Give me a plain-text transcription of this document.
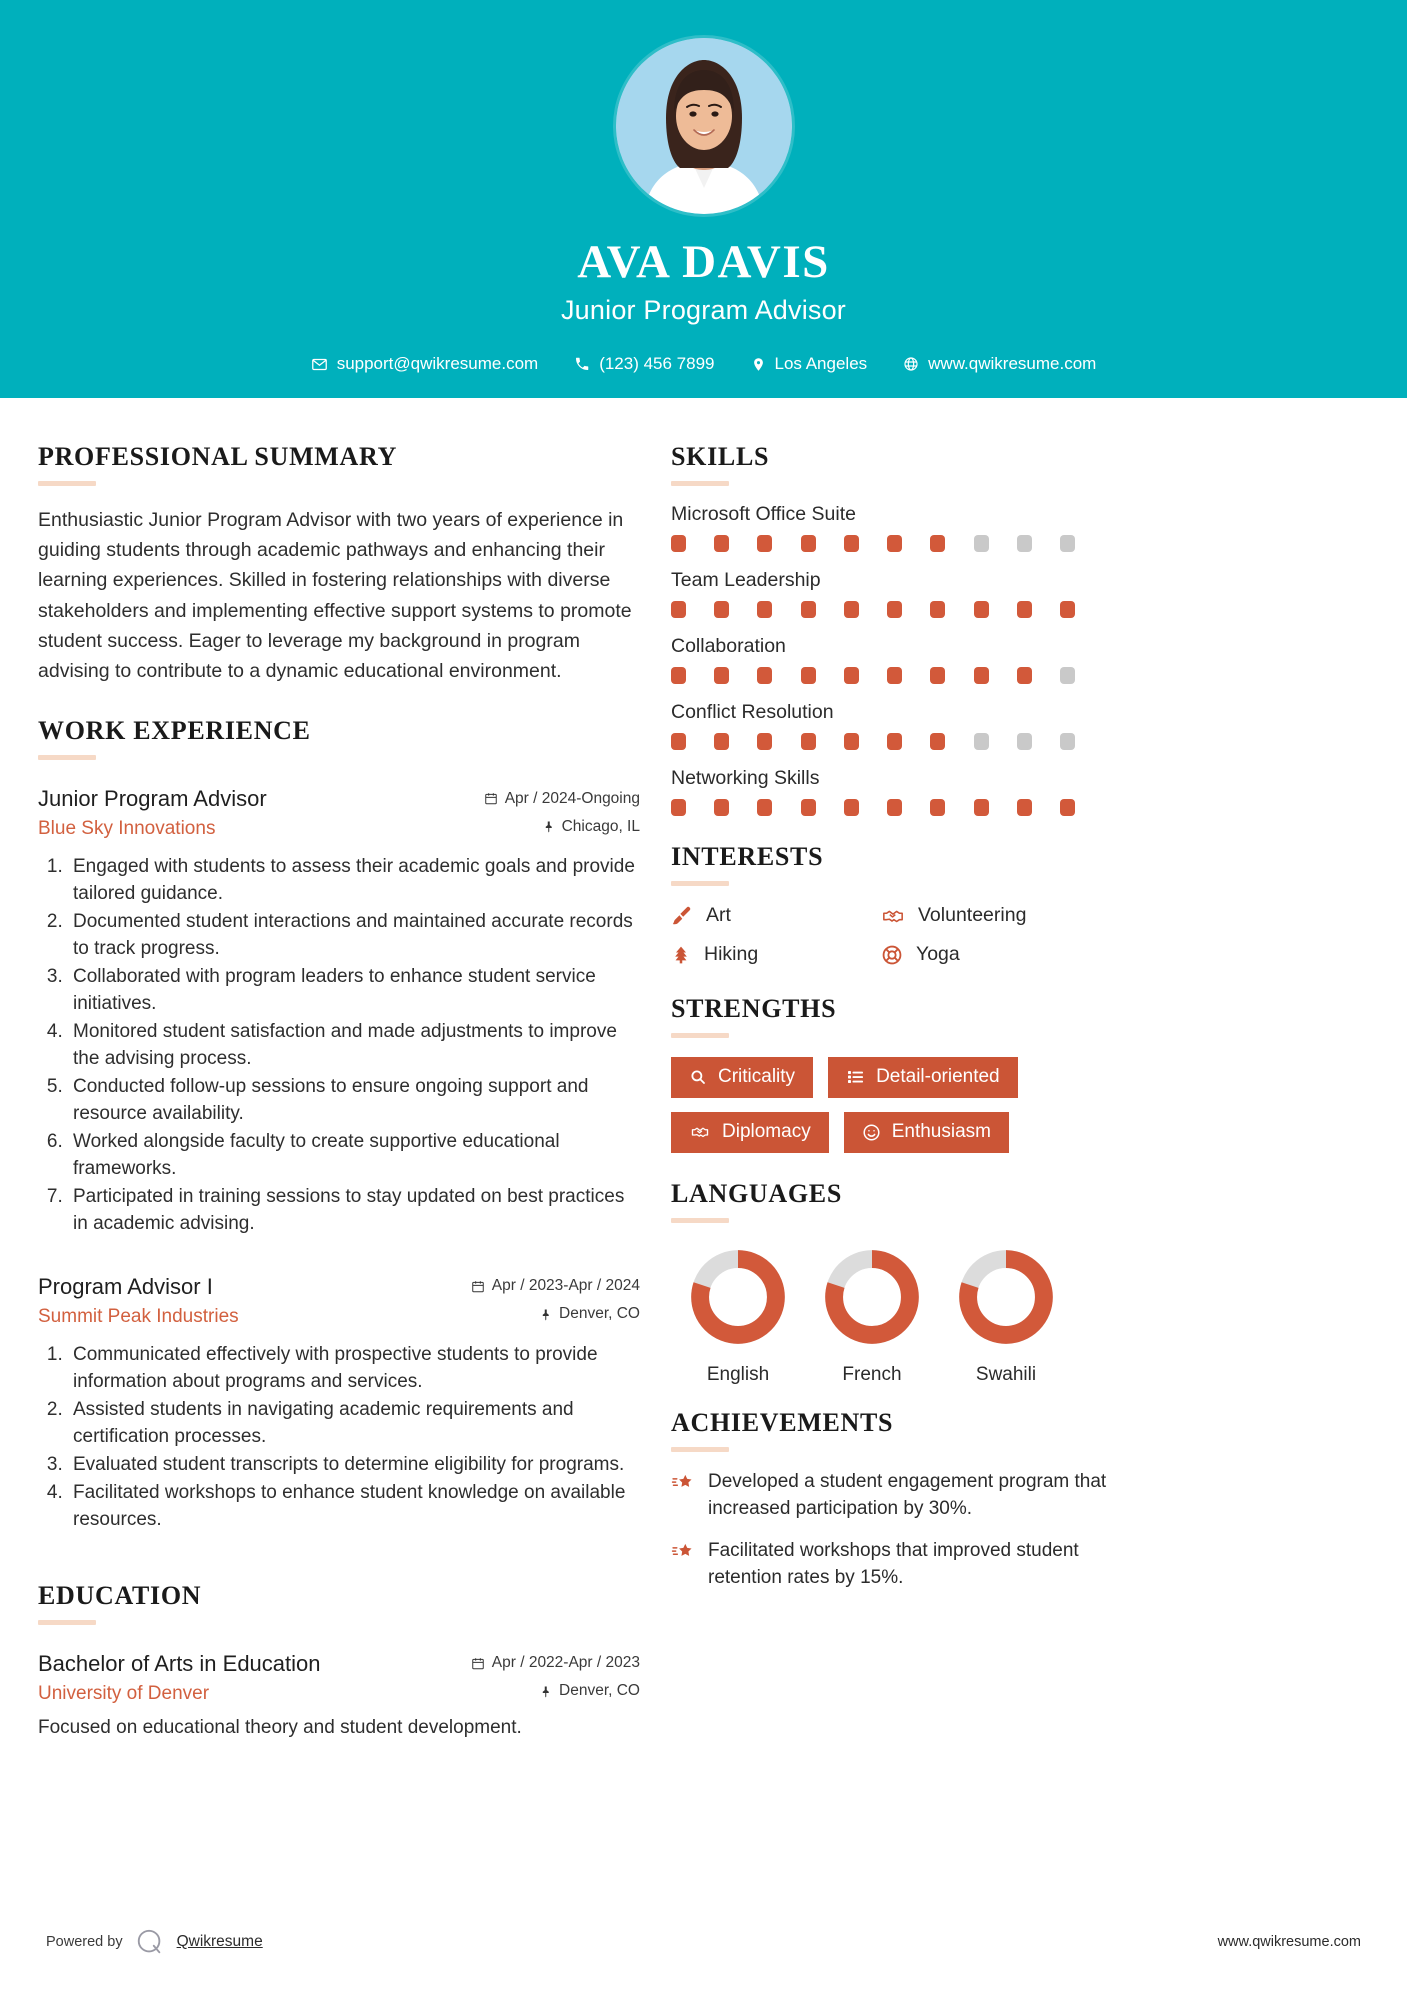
AVA DAVIS
Junior Program Advisor
support@qwikresume.com	(123) 456 7899	Los Angeles	www.qwikresume.com
PROFESSIONAL SUMMARY

Enthusiastic Junior Program Advisor with two years of experience in guiding students through academic pathways and enhancing their learning experiences. Skilled in fostering relationships with diverse stakeholders and implementing effective support systems to promote student success. Eager to leverage my background in program advising to contribute to a dynamic educational environment.

WORK EXPERIENCE
Junior Program Advisor	Apr / 2024-Ongoing
Blue Sky Innovations	Chicago, IL
1. Engaged with students to assess their academic goals and provide tailored guidance.
2. Documented student interactions and maintained accurate records to track progress.
3. Collaborated with program leaders to enhance student service initiatives.
4. Monitored student satisfaction and made adjustments to improve the advising process.
5. Conducted follow-up sessions to ensure ongoing support and resource availability.
6. Worked alongside faculty to create supportive educational frameworks.
7. Participated in training sessions to stay updated on best practices in academic advising.
Program Advisor I	Apr / 2023-Apr / 2024
Summit Peak Industries	Denver, CO
1. Communicated effectively with prospective students to provide information about programs and services.
2. Assisted students in navigating academic requirements and certification processes.
3. Evaluated student transcripts to determine eligibility for programs.
4. Facilitated workshops to enhance student knowledge on available resources.
EDUCATION
Bachelor of Arts in Education	Apr / 2022-Apr / 2023
University of Denver	Denver, CO
Focused on educational theory and student development.
SKILLS
Microsoft Office Suite
Team Leadership
Collaboration
Conflict Resolution
Networking Skills
INTERESTS
Art	Volunteering
Hiking	Yoga
STRENGTHS
Criticality	Detail-oriented
Diplomacy	Enthusiasm
LANGUAGES
English	French	Swahili
ACHIEVEMENTS
Developed a student engagement program that increased participation by 30%.
Facilitated workshops that improved student retention rates by 15%.
Powered by	Qwikresume	www.qwikresume.com
